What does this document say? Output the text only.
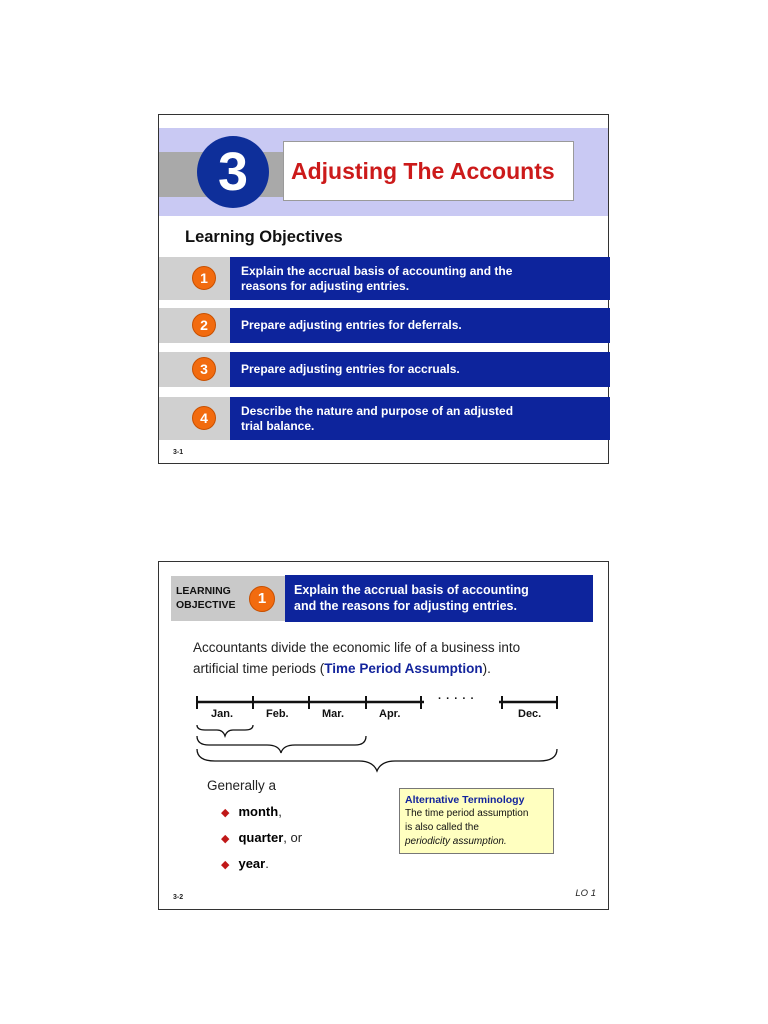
3	Adjusting The Accounts
Learning Objectives
1	Explain the accrual basis of accounting and the
reasons for adjusting entries.
2	Prepare adjusting entries for deferrals.
3	Prepare adjusting entries for accruals.
4	Describe the nature and purpose of an adjusted
trial balance.
3-1
LEARNING
OBJECTIVE	1	Explain the accrual basis of accounting
and the reasons for adjusting entries.
Accountants divide the economic life of a business into
artificial time periods (Time Period Assumption).
Jan.	Feb.	Mar.	Apr.	Dec.
. . . . .
Generally a
◆ month,
◆ quarter, or
◆ year.
Alternative Terminology
The time period assumption
is also called the
periodicity assumption.
3-2	LO 1
